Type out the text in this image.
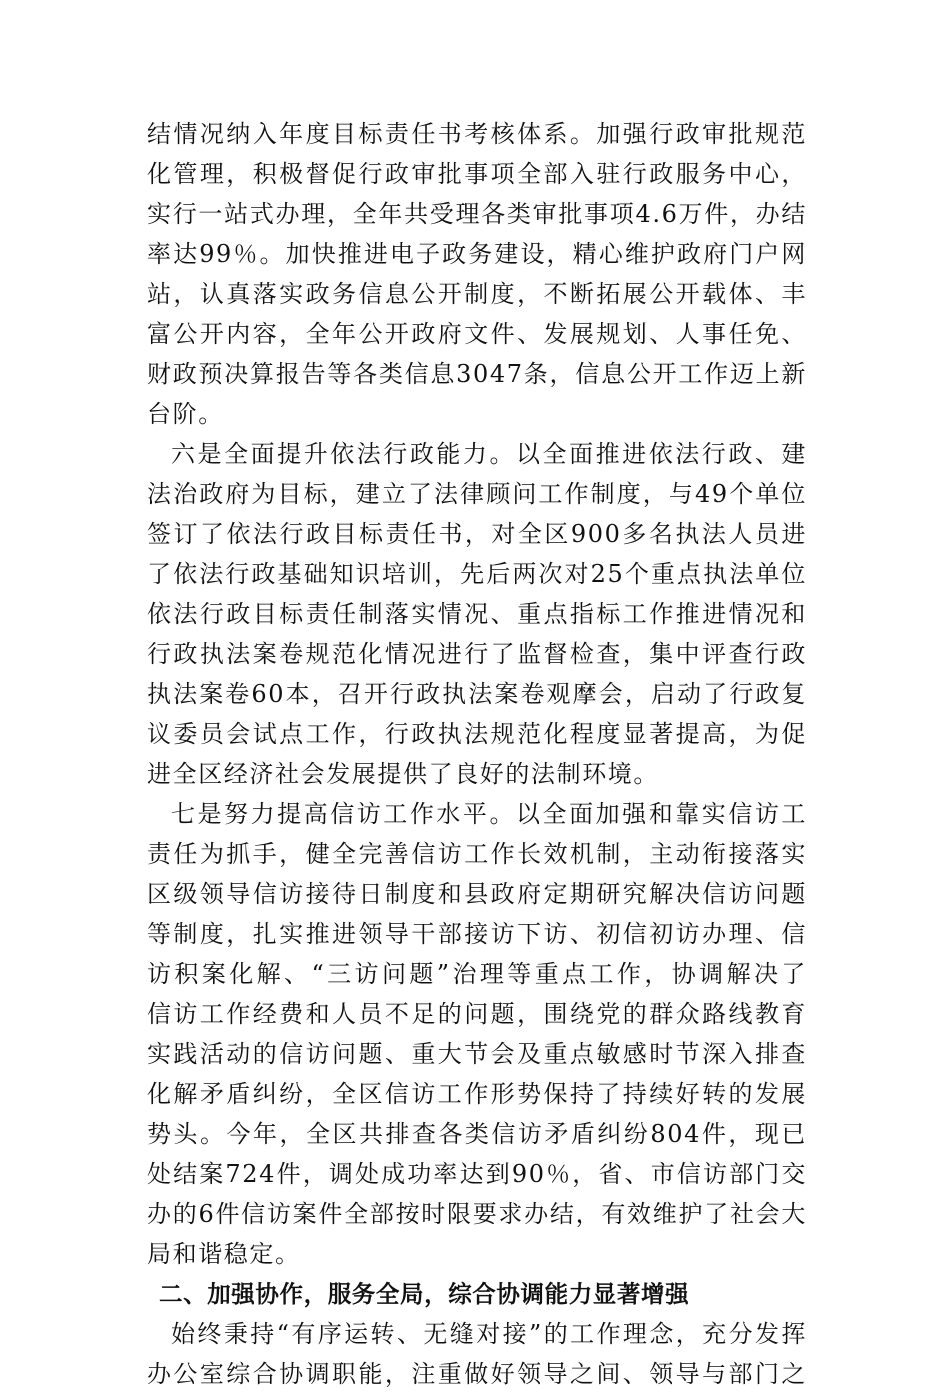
结情况纳入年度目标责任书考核体系。加强行政审批规范
化管理，积极督促行政审批事项全部入驻行政服务中心，
实行一站式办理，全年共受理各类审批事项4.6万件，办结
率达99％。加快推进电子政务建设，精心维护政府门户网
站，认真落实政务信息公开制度，不断拓展公开载体、丰
富公开内容，全年公开政府文件、发展规划、人事任免、
财政预决算报告等各类信息3047条，信息公开工作迈上新
台阶。
六是全面提升依法行政能力。以全面推进依法行政、建
法治政府为目标，建立了法律顾问工作制度，与49个单位
签订了依法行政目标责任书，对全区900多名执法人员进
了依法行政基础知识培训，先后两次对25个重点执法单位
依法行政目标责任制落实情况、重点指标工作推进情况和
行政执法案卷规范化情况进行了监督检查，集中评查行政
执法案卷60本，召开行政执法案卷观摩会，启动了行政复
议委员会试点工作，行政执法规范化程度显著提高，为促
进全区经济社会发展提供了良好的法制环境。
七是努力提高信访工作水平。以全面加强和靠实信访工
责任为抓手，健全完善信访工作长效机制，主动衔接落实
区级领导信访接待日制度和县政府定期研究解决信访问题
等制度，扎实推进领导干部接访下访、初信初访办理、信
访积案化解、“三访问题”治理等重点工作，协调解决了
信访工作经费和人员不足的问题，围绕党的群众路线教育
实践活动的信访问题、重大节会及重点敏感时节深入排查
化解矛盾纠纷，全区信访工作形势保持了持续好转的发展
势头。今年，全区共排查各类信访矛盾纠纷804件，现已
处结案724件，调处成功率达到90％，省、市信访部门交
办的6件信访案件全部按时限要求办结，有效维护了社会大
局和谐稳定。
二、加强协作，服务全局，综合协调能力显著增强
始终秉持“有序运转、无缝对接”的工作理念，充分发挥
办公室综合协调职能，注重做好领导之间、领导与部门之
